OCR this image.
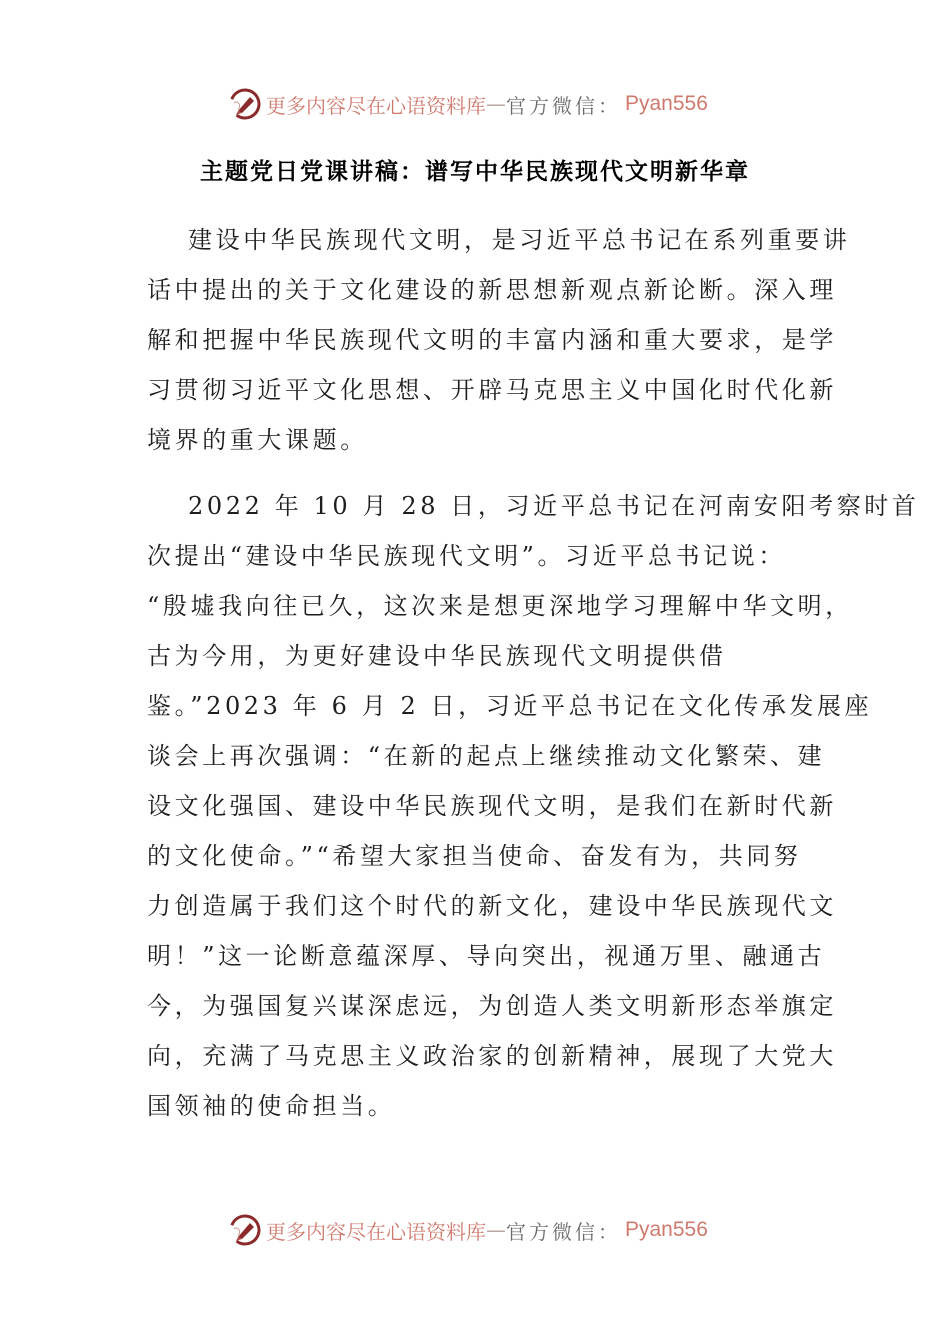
更多内容尽在心语资料库 — 官方微信： Pyan556
主题党日党课讲稿：谱写中华民族现代文明新华章
建设中华民族现代文明，是习近平总书记在系列重要讲
话中提出的关于文化建设的新思想新观点新论断。深入理
解和把握中华民族现代文明的丰富内涵和重大要求，是学
习贯彻习近平文化思想、开辟马克思主义中国化时代化新
境界的重大课题。
2022 年 10 月 28 日，习近平总书记在河南安阳考察时首
次提出“建设中华民族现代文明”。习近平总书记说：
“殷墟我向往已久，这次来是想更深地学习理解中华文明，
古为今用，为更好建设中华民族现代文明提供借
鉴。”2023 年 6 月 2 日，习近平总书记在文化传承发展座
谈会上再次强调：“在新的起点上继续推动文化繁荣、建
设文化强国、建设中华民族现代文明，是我们在新时代新
的文化使命。”“希望大家担当使命、奋发有为，共同努
力创造属于我们这个时代的新文化，建设中华民族现代文
明！”这一论断意蕴深厚、导向突出，视通万里、融通古
今，为强国复兴谋深虑远，为创造人类文明新形态举旗定
向，充满了马克思主义政治家的创新精神，展现了大党大
国领袖的使命担当。
更多内容尽在心语资料库 — 官方微信： Pyan556
